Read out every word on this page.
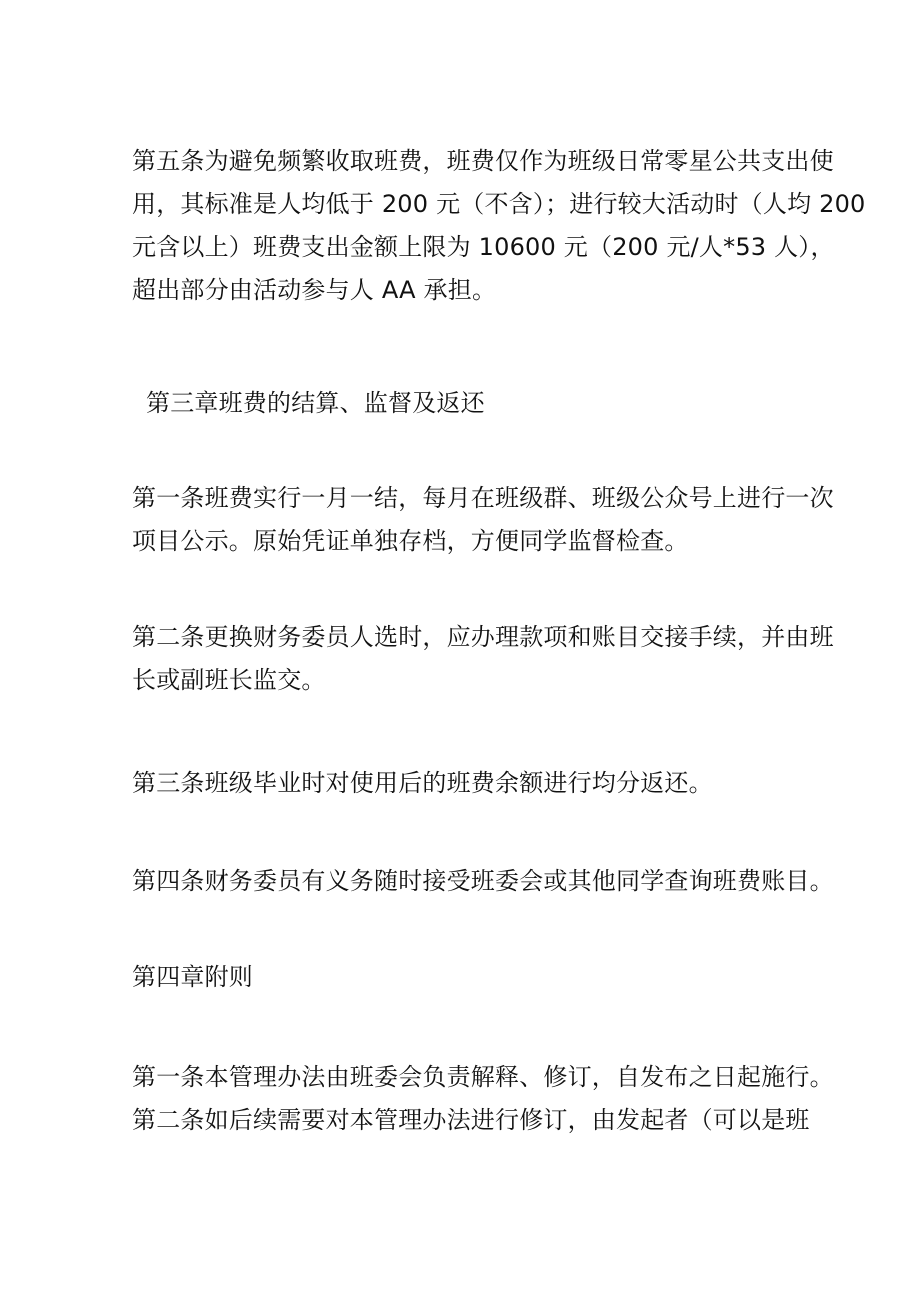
第五条为避免频繁收取班费，班费仅作为班级日常零星公共支出使
用，其标准是人均低于 200 元（不含）；进行较大活动时（人均 200
元含以上）班费支出金额上限为 10600 元（200 元/人*53 人），
超出部分由活动参与人 AA 承担。

第三章班费的结算、监督及返还

第一条班费实行一月一结，每月在班级群、班级公众号上进行一次
项目公示。原始凭证单独存档，方便同学监督检查。

第二条更换财务委员人选时，应办理款项和账目交接手续，并由班
长或副班长监交。

第三条班级毕业时对使用后的班费余额进行均分返还。

第四条财务委员有义务随时接受班委会或其他同学查询班费账目。

第四章附则

第一条本管理办法由班委会负责解释、修订，自发布之日起施行。
第二条如后续需要对本管理办法进行修订，由发起者（可以是班
